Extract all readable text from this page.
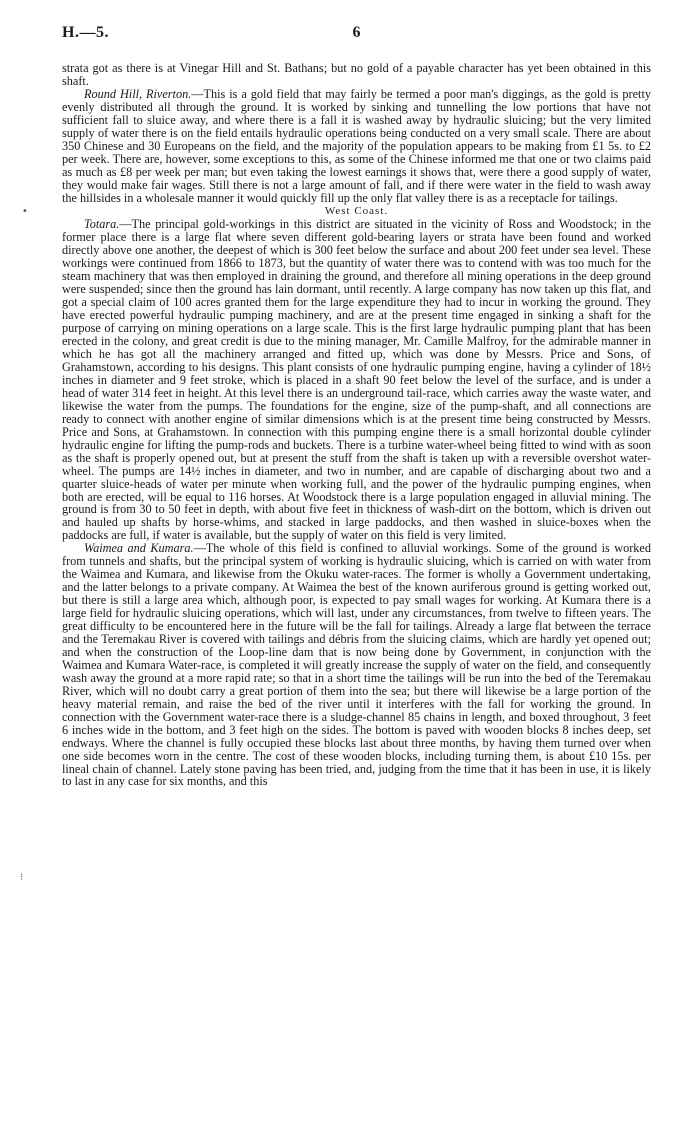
H.—5.	6

strata got as there is at Vinegar Hill and St. Bathans; but no gold of a payable character has yet been obtained in this shaft.

Round Hill, Riverton.—This is a gold field that may fairly be termed a poor man's diggings, as the gold is pretty evenly distributed all through the ground. It is worked by sinking and tunnelling the low portions that have not sufficient fall to sluice away, and where there is a fall it is washed away by hydraulic sluicing; but the very limited supply of water there is on the field entails hydraulic operations being conducted on a very small scale. There are about 350 Chinese and 30 Europeans on the field, and the majority of the population appears to be making from £1 5s. to £2 per week. There are, however, some exceptions to this, as some of the Chinese informed me that one or two claims paid as much as £8 per week per man; but even taking the lowest earnings it shows that, were there a good supply of water, they would make fair wages. Still there is not a large amount of fall, and if there were water in the field to wash away the hillsides in a wholesale manner it would quickly fill up the only flat valley there is as a receptacle for tailings.

West Coast.

Totara.—The principal gold-workings in this district are situated in the vicinity of Ross and Woodstock; in the former place there is a large flat where seven different gold-bearing layers or strata have been found and worked directly above one another, the deepest of which is 300 feet below the surface and about 200 feet under sea level. These workings were continued from 1866 to 1873, but the quantity of water there was to contend with was too much for the steam machinery that was then employed in draining the ground, and therefore all mining operations in the deep ground were suspended; since then the ground has lain dormant, until recently. A large company has now taken up this flat, and got a special claim of 100 acres granted them for the large expenditure they had to incur in working the ground. They have erected powerful hydraulic pumping machinery, and are at the present time engaged in sinking a shaft for the purpose of carrying on mining operations on a large scale. This is the first large hydraulic pumping plant that has been erected in the colony, and great credit is due to the mining manager, Mr. Camille Malfroy, for the admirable manner in which he has got all the machinery arranged and fitted up, which was done by Messrs. Price and Sons, of Grahamstown, according to his designs. This plant consists of one hydraulic pumping engine, having a cylinder of 18½ inches in diameter and 9 feet stroke, which is placed in a shaft 90 feet below the level of the surface, and is under a head of water 314 feet in height. At this level there is an underground tail-race, which carries away the waste water, and likewise the water from the pumps. The foundations for the engine, size of the pump-shaft, and all connections are ready to connect with another engine of similar dimensions which is at the present time being constructed by Messrs. Price and Sons, at Grahamstown. In connection with this pumping engine there is a small horizontal double cylinder hydraulic engine for lifting the pump-rods and buckets. There is a turbine water-wheel being fitted to wind with as soon as the shaft is properly opened out, but at present the stuff from the shaft is taken up with a reversible overshot water-wheel. The pumps are 14½ inches in diameter, and two in number, and are capable of discharging about two and a quarter sluice-heads of water per minute when working full, and the power of the hydraulic pumping engines, when both are erected, will be equal to 116 horses. At Woodstock there is a large population engaged in alluvial mining. The ground is from 30 to 50 feet in depth, with about five feet in thickness of wash-dirt on the bottom, which is driven out and hauled up shafts by horse-whims, and stacked in large paddocks, and then washed in sluice-boxes when the paddocks are full, if water is available, but the supply of water on this field is very limited.

Waimea and Kumara.—The whole of this field is confined to alluvial workings. Some of the ground is worked from tunnels and shafts, but the principal system of working is hydraulic sluicing, which is carried on with water from the Waimea and Kumara, and likewise from the Okuku water-races. The former is wholly a Government undertaking, and the latter belongs to a private company. At Waimea the best of the known auriferous ground is getting worked out, but there is still a large area which, although poor, is expected to pay small wages for working. At Kumara there is a large field for hydraulic sluicing operations, which will last, under any circumstances, from twelve to fifteen years. The great difficulty to be encountered here in the future will be the fall for tailings. Already a large flat between the terrace and the Teremakau River is covered with tailings and débris from the sluicing claims, which are hardly yet opened out; and when the construction of the Loop-line dam that is now being done by Government, in conjunction with the Waimea and Kumara Water-race, is completed it will greatly increase the supply of water on the field, and consequently wash away the ground at a more rapid rate; so that in a short time the tailings will be run into the bed of the Teremakau River, which will no doubt carry a great portion of them into the sea; but there will likewise be a large portion of the heavy material remain, and raise the bed of the river until it interferes with the fall for working the ground. In connection with the Government water-race there is a sludge-channel 85 chains in length, and boxed throughout, 3 feet 6 inches wide in the bottom, and 3 feet high on the sides. The bottom is paved with wooden blocks 8 inches deep, set endways. Where the channel is fully occupied these blocks last about three months, by having them turned over when one side becomes worn in the centre. The cost of these wooden blocks, including turning them, is about £10 15s. per lineal chain of channel. Lately stone paving has been tried, and, judging from the time that it has been in use, it is likely to last in any case for six months, and this

•
⁝
